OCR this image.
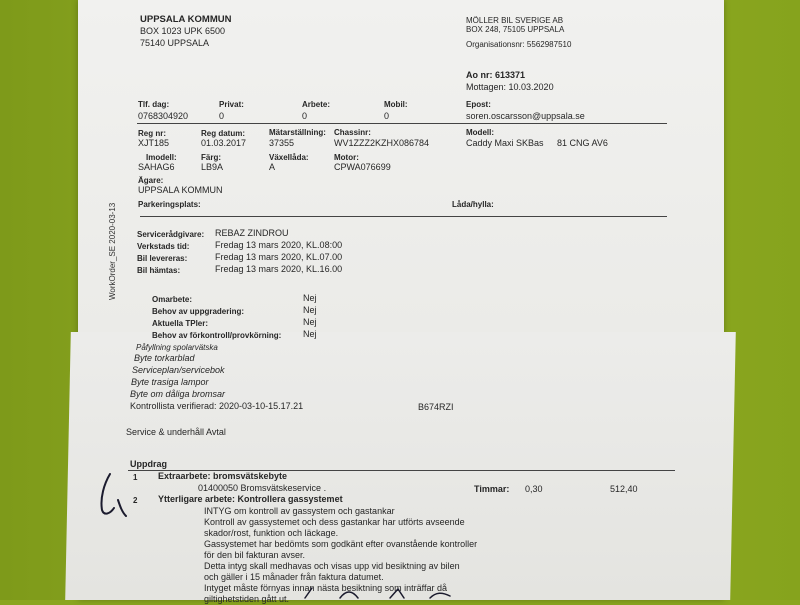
UPPSALA KOMMUN
BOX 1023 UPK 6500
75140 UPPSALA
MÖLLER BIL SVERIGE AB
BOX 248, 75105 UPPSALA
Organisationsnr: 5562987510
Ao nr: 613371
Mottagen: 10.03.2020
Tlf. dag:
0768304920
Privat:
0
Arbete:
0
Mobil:
0
Epost:
soren.oscarsson@uppsala.se
Reg nr:
XJT185
Reg datum:
01.03.2017
Mätarställning:
37355
Chassinr:
WV1ZZZ2KZHX086784
Modell:
Caddy Maxi SKBas 81 CNG AV6
Imodell:
SAHAG6
Färg:
LB9A
Växellåda:
A
Motor:
CPWA076699
Ägare:
UPPSALA KOMMUN
Parkeringsplats:	Låda/hylla:
Servicerådgivare: REBAZ ZINDROU
Verkstads tid:	Fredag 13 mars 2020, KL.08:00
Bil levereras:	Fredag 13 mars 2020, KL.07.00
Bil hämtas:	Fredag 13 mars 2020, KL.16.00
WorkOrder_SE 2020-03-13	Omarbete:	Nej
Behov av uppgradering:	Nej
Aktuella TPler:	Nej
Behov av förkontroll/provkörning: Nej
Påfyllning spolarvätska
Byte torkarblad
Serviceplan/servicebok
Byte trasiga lampor
Byte om dåliga bromsar
Kontrollista verifierad: 2020-03-10-15.17.21	B674RZI
Service & underhåll Avtal
Uppdrag
1 Extraarbete: bromsvätskebyte
01400050 Bromsvätskeservice .	Timmar: 0,30	512,40
2 Ytterligare arbete: Kontrollera gassystemet
INTYG om kontroll av gassystem och gastankar
Kontroll av gassystemet och dess gastankar har utförts avseende
skador/rost, funktion och läckage.
Gassystemet har bedömts som godkänt efter ovanstående kontroller
för den bil fakturan avser.
Detta intyg skall medhavas och visas upp vid besiktning av bilen
och gäller i 15 månader från faktura datumet.
Intyget måste förnyas innan nästa besiktning som inträffar då
giltighetstiden gått ut.
